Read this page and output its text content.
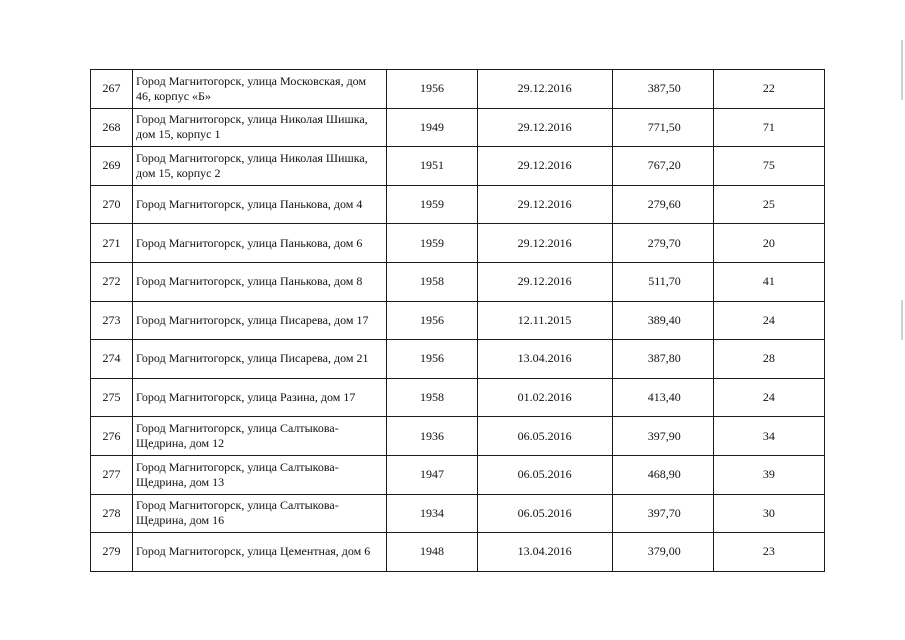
267	Город Магнитогорск, улица Московская, дом 46, корпус «Б»	1956	29.12.2016	387,50	22
268	Город Магнитогорск, улица Николая Шишка, дом 15, корпус 1	1949	29.12.2016	771,50	71
269	Город Магнитогорск, улица Николая Шишка, дом 15, корпус 2	1951	29.12.2016	767,20	75
270	Город Магнитогорск, улица Панькова, дом 4	1959	29.12.2016	279,60	25
271	Город Магнитогорск, улица Панькова, дом 6	1959	29.12.2016	279,70	20
272	Город Магнитогорск, улица Панькова, дом 8	1958	29.12.2016	511,70	41
273	Город Магнитогорск, улица Писарева, дом 17	1956	12.11.2015	389,40	24
274	Город Магнитогорск, улица Писарева, дом 21	1956	13.04.2016	387,80	28
275	Город Магнитогорск, улица Разина, дом 17	1958	01.02.2016	413,40	24
276	Город Магнитогорск, улица Салтыкова-Щедрина, дом 12	1936	06.05.2016	397,90	34
277	Город Магнитогорск, улица Салтыкова-Щедрина, дом 13	1947	06.05.2016	468,90	39
278	Город Магнитогорск, улица Салтыкова-Щедрина, дом 16	1934	06.05.2016	397,70	30
279	Город Магнитогорск, улица Цементная, дом 6	1948	13.04.2016	379,00	23
